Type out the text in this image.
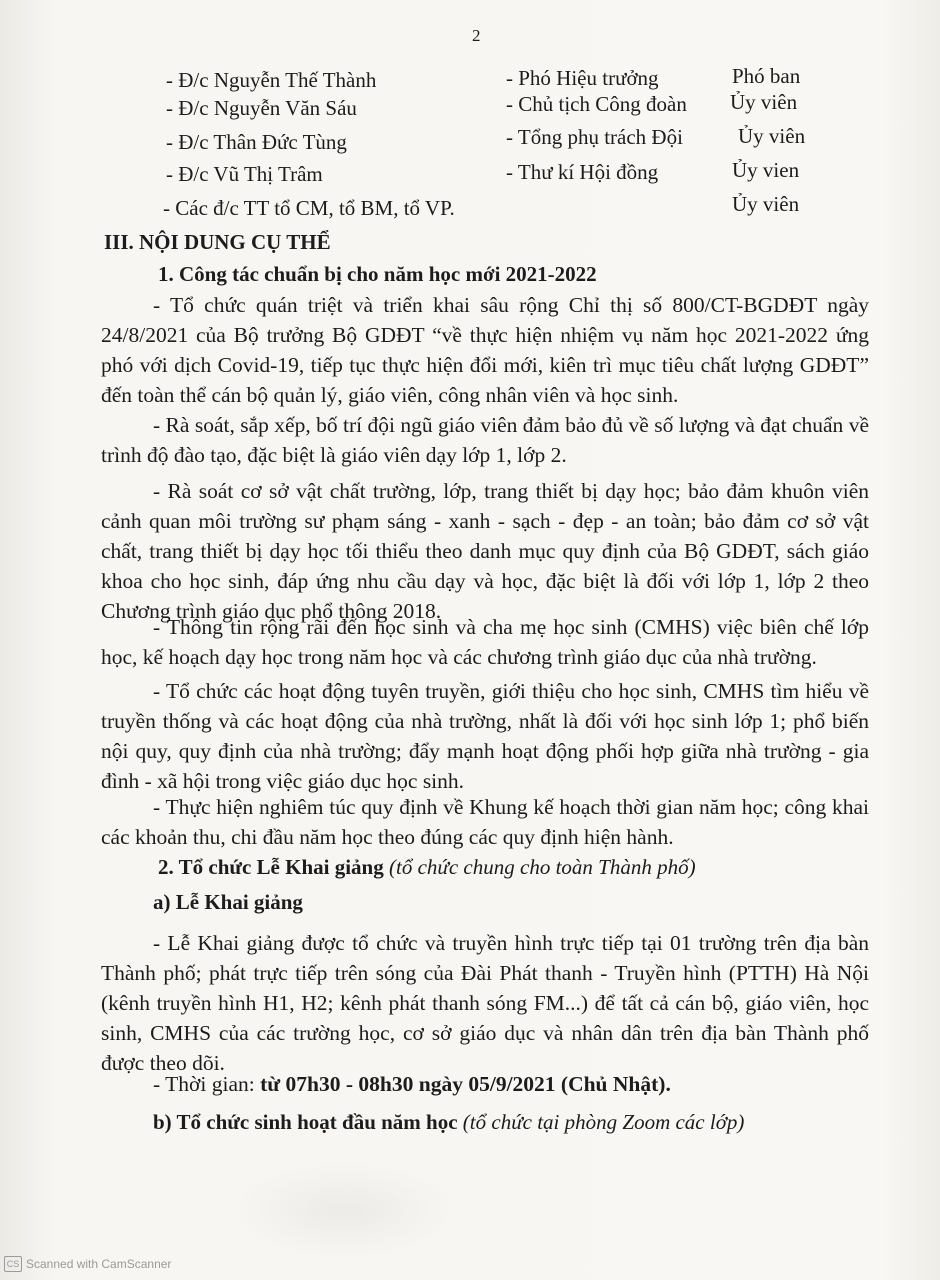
2
- Đ/c Nguyễn Thế Thành	- Phó Hiệu trưởng	Phó ban
- Đ/c Nguyễn Văn Sáu	- Chủ tịch Công đoàn Ủy viên
- Đ/c Thân Đức Tùng	- Tổng phụ trách Đội	Ủy viên
- Đ/c Vũ Thị Trâm	- Thư kí Hội đồng	Ủy vien
- Các đ/c TT tổ CM, tổ BM, tổ VP.	Ủy viên
III. NỘI DUNG CỤ THỂ
1. Công tác chuẩn bị cho năm học mới 2021-2022

- Tổ chức quán triệt và triển khai sâu rộng Chỉ thị số 800/CT-BGDĐT ngày 24/8/2021 của Bộ trưởng Bộ GDĐT “về thực hiện nhiệm vụ năm học 2021-2022 ứng phó với dịch Covid-19, tiếp tục thực hiện đổi mới, kiên trì mục tiêu chất lượng GDĐT” đến toàn thể cán bộ quản lý, giáo viên, công nhân viên và học sinh.

- Rà soát, sắp xếp, bố trí đội ngũ giáo viên đảm bảo đủ về số lượng và đạt chuẩn về trình độ đào tạo, đặc biệt là giáo viên dạy lớp 1, lớp 2.

- Rà soát cơ sở vật chất trường, lớp, trang thiết bị dạy học; bảo đảm khuôn viên cảnh quan môi trường sư phạm sáng - xanh - sạch - đẹp - an toàn; bảo đảm cơ sở vật chất, trang thiết bị dạy học tối thiểu theo danh mục quy định của Bộ GDĐT, sách giáo khoa cho học sinh, đáp ứng nhu cầu dạy và học, đặc biệt là đối với lớp 1, lớp 2 theo Chương trình giáo dục phổ thông 2018.

- Thông tin rộng rãi đến học sinh và cha mẹ học sinh (CMHS) việc biên chế lớp học, kế hoạch dạy học trong năm học và các chương trình giáo dục của nhà trường.

- Tổ chức các hoạt động tuyên truyền, giới thiệu cho học sinh, CMHS tìm hiểu về truyền thống và các hoạt động của nhà trường, nhất là đối với học sinh lớp 1; phổ biến nội quy, quy định của nhà trường; đẩy mạnh hoạt động phối hợp giữa nhà trường - gia đình - xã hội trong việc giáo dục học sinh.

- Thực hiện nghiêm túc quy định về Khung kế hoạch thời gian năm học; công khai các khoản thu, chi đầu năm học theo đúng các quy định hiện hành.

2. Tổ chức Lễ Khai giảng (tổ chức chung cho toàn Thành phố)
a) Lễ Khai giảng

- Lễ Khai giảng được tổ chức và truyền hình trực tiếp tại 01 trường trên địa bàn Thành phố; phát trực tiếp trên sóng của Đài Phát thanh - Truyền hình (PTTH) Hà Nội (kênh truyền hình H1, H2; kênh phát thanh sóng FM...) để tất cả cán bộ, giáo viên, học sinh, CMHS của các trường học, cơ sở giáo dục và nhân dân trên địa bàn Thành phố được theo dõi.

- Thời gian: từ 07h30 - 08h30 ngày 05/9/2021 (Chủ Nhật).
b) Tổ chức sinh hoạt đầu năm học (tổ chức tại phòng Zoom các lớp)
CS Scanned with CamScanner
